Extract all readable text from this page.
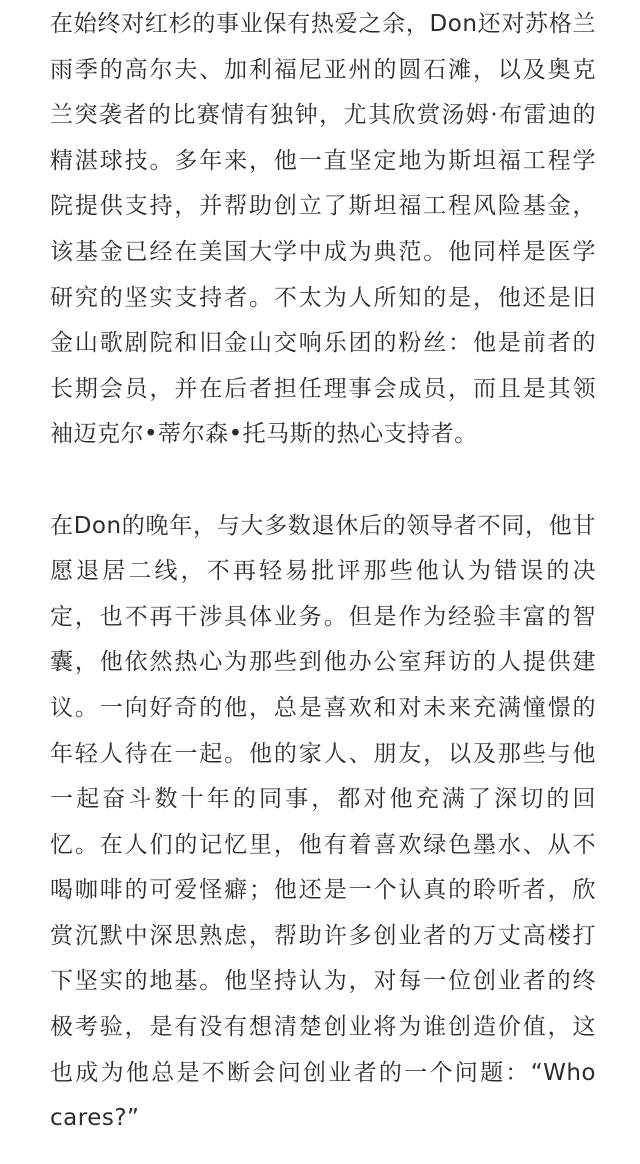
在始终对红杉的事业保有热爱之余，Don还对苏格兰
雨季的高尔夫、加利福尼亚州的圆石滩，以及奥克
兰突袭者的比赛情有独钟，尤其欣赏汤姆·布雷迪的
精湛球技。多年来，他一直坚定地为斯坦福工程学
院提供支持，并帮助创立了斯坦福工程风险基金，
该基金已经在美国大学中成为典范。他同样是医学
研究的坚实支持者。不太为人所知的是，他还是旧
金山歌剧院和旧金山交响乐团的粉丝：他是前者的
长期会员，并在后者担任理事会成员，而且是其领
袖迈克尔•蒂尔森•托马斯的热心支持者。
在Don的晚年，与大多数退休后的领导者不同，他甘
愿退居二线，不再轻易批评那些他认为错误的决
定，也不再干涉具体业务。但是作为经验丰富的智
囊，他依然热心为那些到他办公室拜访的人提供建
议。一向好奇的他，总是喜欢和对未来充满憧憬的
年轻人待在一起。他的家人、朋友，以及那些与他
一起奋斗数十年的同事，都对他充满了深切的回
忆。在人们的记忆里，他有着喜欢绿色墨水、从不
喝咖啡的可爱怪癖；他还是一个认真的聆听者，欣
赏沉默中深思熟虑，帮助许多创业者的万丈高楼打
下坚实的地基。他坚持认为，对每一位创业者的终
极考验，是有没有想清楚创业将为谁创造价值，这
也成为他总是不断会问创业者的一个问题：“Who
cares?”
